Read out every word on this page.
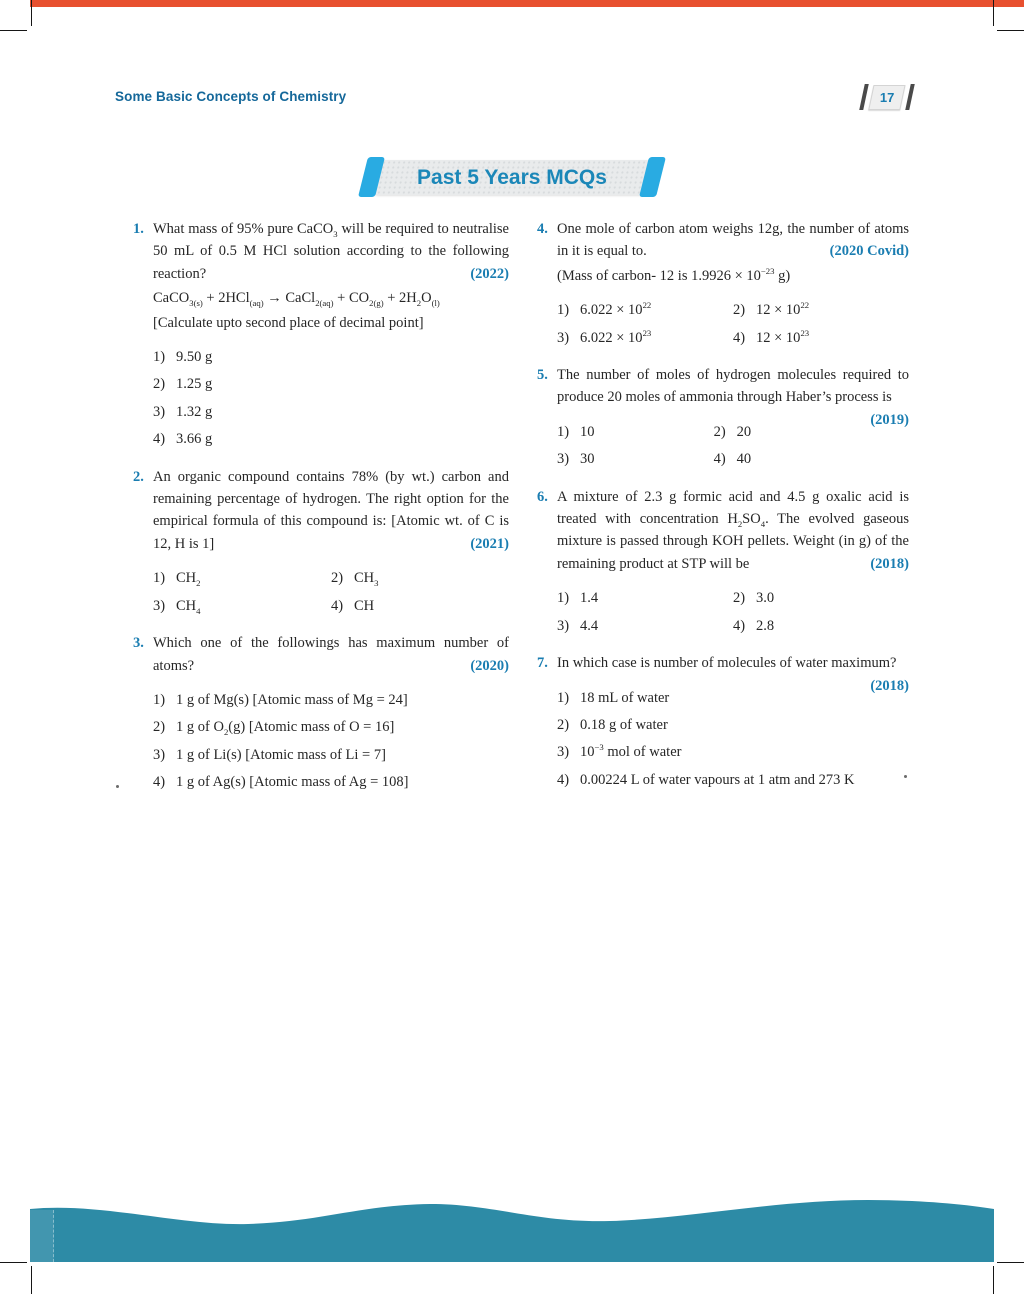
Some Basic Concepts of Chemistry	17
Past 5 Years MCQs
1. What mass of 95% pure CaCO$_3$ will be required to neutralise 50 mL of 0.5 M HCl solution according to the following reaction?	(2022)

CaCO$_{3(s)}$ + 2HCl$_{(aq)}$ → CaCl$_{2(aq)}$ + $CO_{2(g)} + 2H_2O_{(l)}$
[Calculate upto second place of decimal point]
1) 9.50 g
2) 1.25 g
3) 1.32 g
4) 3.66 g
2. An organic compound contains 78% (by wt.) carbon and remaining percentage of hydrogen. The right option for the empirical formula of this compound is: [Atomic wt. of C is 12, H is 1]	(2021)

1) $CH_2$	2) $CH_3$
3) $CH_4$	4) CH
3. Which one of the followings has maximum number of atoms?	(2020)

1) 1 g of Mg(s) [Atomic mass of Mg = 24]
2) 1 g of $O_2(g)$ [Atomic mass of O = 16]
3) 1 g of Li(s) [Atomic mass of Li = 7]
4) 1 g of Ag(s) [Atomic mass of Ag = 108]
4. One mole of carbon atom weighs 12g, the number of atoms in it is equal to.	(2020 Covid)

(Mass of carbon- 12 is $1.9926 \times 10^{-23}$ g)
1) $6.022 \times 10^{22}$	2) $12 \times 10^{22}$
3) $6.022 \times 10^{23}$	4) $12 \times 10^{23}$
5. The number of moles of hydrogen molecules required to produce 20 moles of ammonia through Haber’s process is
(2019)

1) 10	2) 20
3) 30	4) 40
6. A mixture of 2.3 g formic acid and 4.5 g oxalic acid is treated with concentration $H_2SO_4$. The evolved gaseous mixture is passed through KOH pellets. Weight (in g) of the remaining product at STP will be	(2018)

1) 1.4	2) 3.0
3) 4.4	4) 2.8
7. In which case is number of molecules of water maximum?
(2018)

1) 18 mL of water
2) 0.18 g of water
3) $10^{-3}$ mol of water
4) 0.00224 L of water vapours at 1 atm and 273 K
